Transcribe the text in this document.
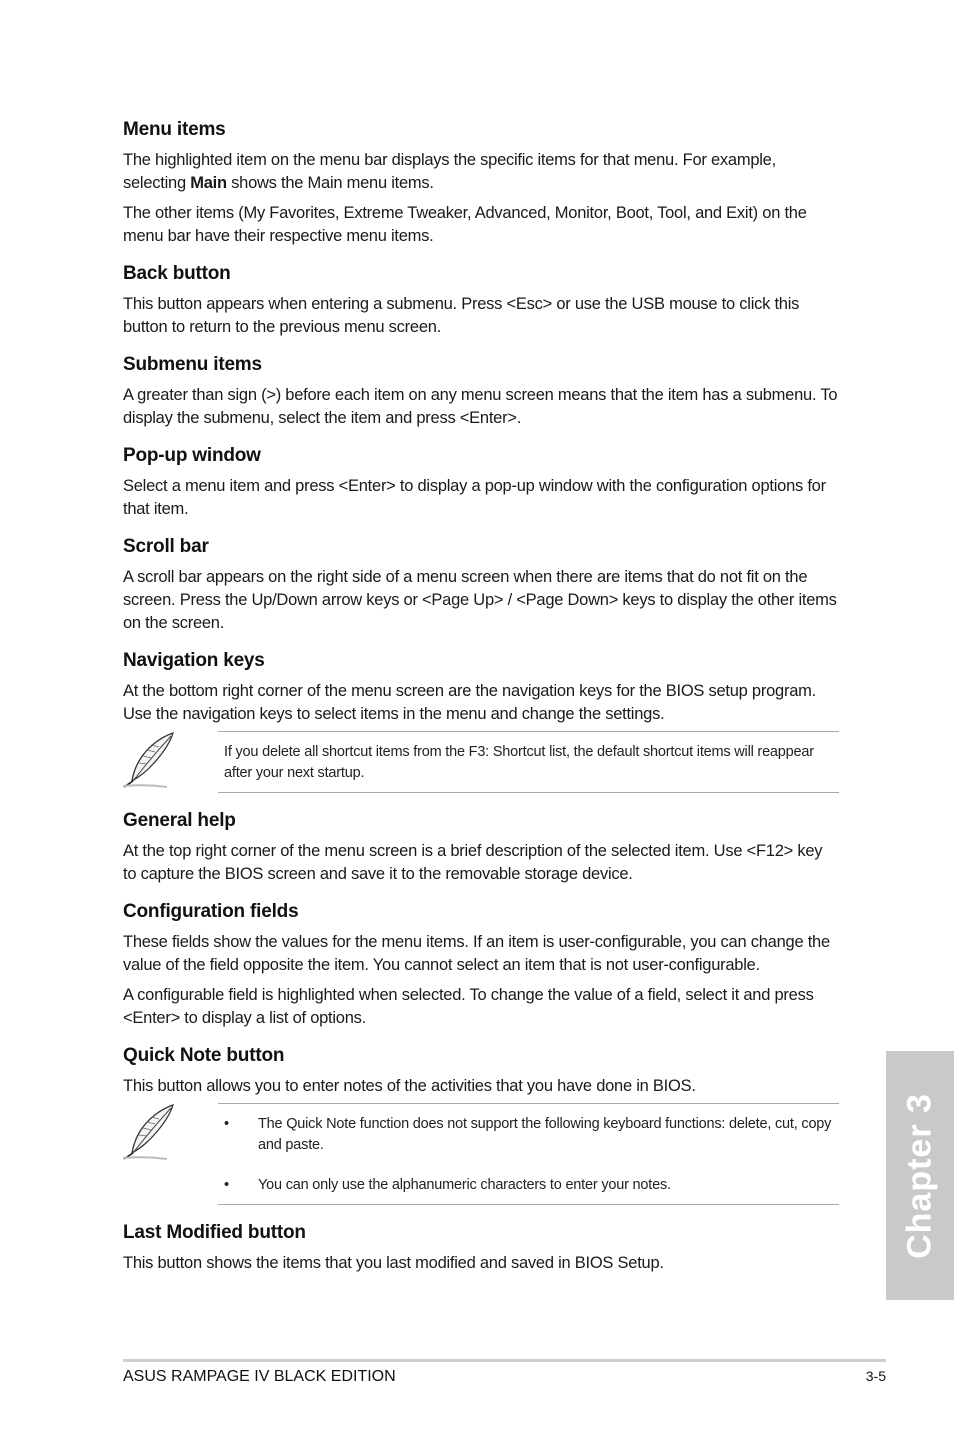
Menu items

The highlighted item on the menu bar displays the specific items for that menu. For example, selecting Main shows the Main menu items.

The other items (My Favorites, Extreme Tweaker, Advanced, Monitor, Boot, Tool, and Exit) on the menu bar have their respective menu items.

Back button

This button appears when entering a submenu. Press <Esc> or use the USB mouse to click this button to return to the previous menu screen.

Submenu items

A greater than sign (>) before each item on any menu screen means that the item has a submenu. To display the submenu, select the item and press <Enter>.

Pop-up window

Select a menu item and press <Enter> to display a pop-up window with the configuration options for that item.

Scroll bar

A scroll bar appears on the right side of a menu screen when there are items that do not fit on the screen. Press the Up/Down arrow keys or <Page Up> / <Page Down> keys to display the other items on the screen.

Navigation keys

At the bottom right corner of the menu screen are the navigation keys for the BIOS setup program. Use the navigation keys to select items in the menu and change the settings.

If you delete all shortcut items from the F3: Shortcut list, the default shortcut items will reappear after your next startup.
General help

At the top right corner of the menu screen is a brief description of the selected item. Use <F12> key to capture the BIOS screen and save it to the removable storage device.

Configuration fields

These fields show the values for the menu items. If an item is user-configurable, you can change the value of the field opposite the item. You cannot select an item that is not user-configurable.

A configurable field is highlighted when selected. To change the value of a field, select it and press <Enter> to display a list of options.

Quick Note button

This button allows you to enter notes of the activities that you have done in BIOS.

• The Quick Note function does not support the following keyboard functions: delete, cut, copy and paste.
• You can only use the alphanumeric characters to enter your notes.
Last Modified button

This button shows the items that you last modified and saved in BIOS Setup.

Chapter 3
ASUS RAMPAGE IV BLACK EDITION	3-5
